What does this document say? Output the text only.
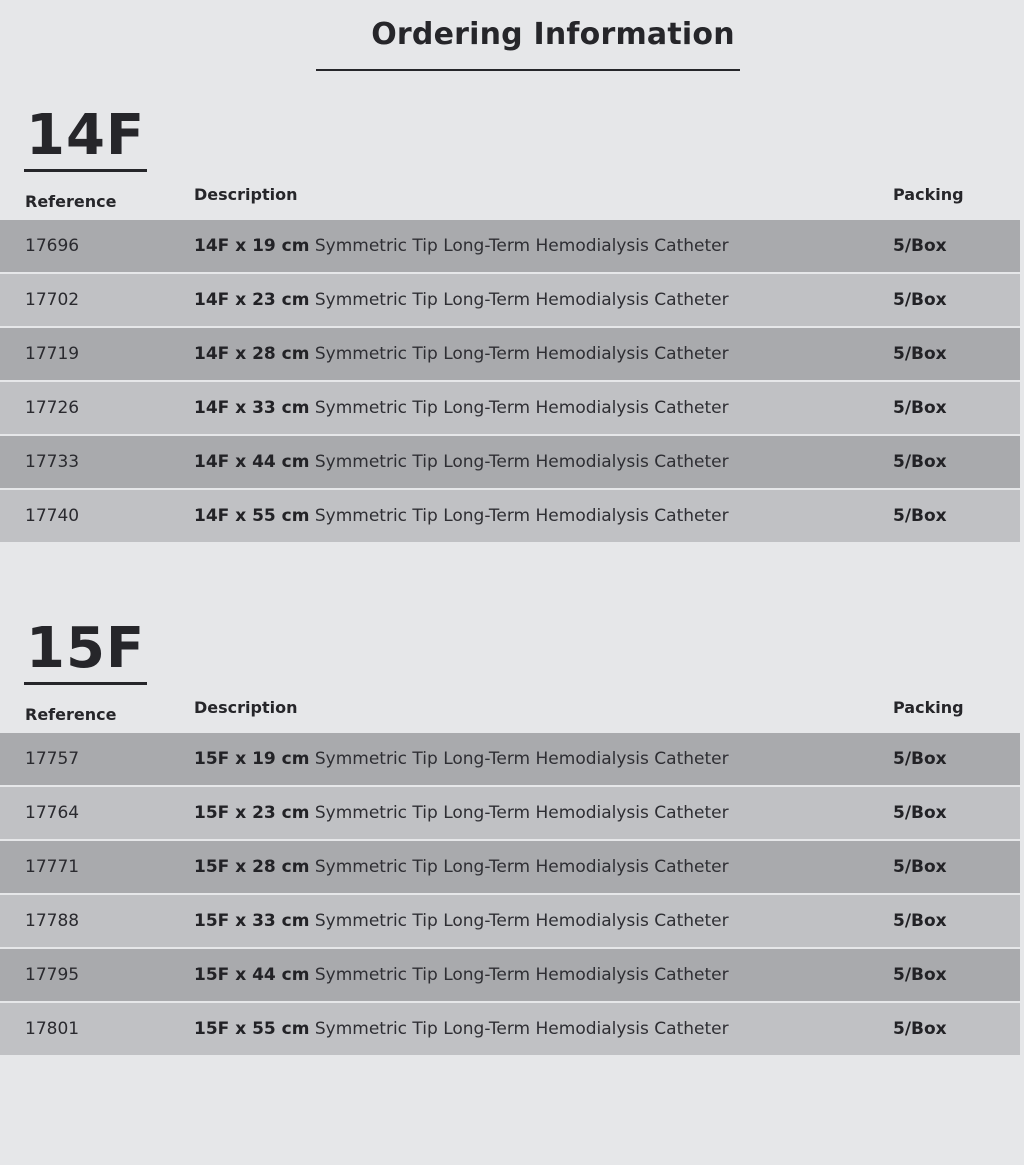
Ordering Information
14F
Reference	Description	Packing
17696	14F x 19 cm Symmetric Tip Long-Term Hemodialysis Catheter	5/Box
17702	14F x 23 cm Symmetric Tip Long-Term Hemodialysis Catheter	5/Box
17719	14F x 28 cm Symmetric Tip Long-Term Hemodialysis Catheter	5/Box
17726	14F x 33 cm Symmetric Tip Long-Term Hemodialysis Catheter	5/Box
17733	14F x 44 cm Symmetric Tip Long-Term Hemodialysis Catheter	5/Box
17740	14F x 55 cm Symmetric Tip Long-Term Hemodialysis Catheter	5/Box
15F
Reference	Description	Packing
17757	15F x 19 cm Symmetric Tip Long-Term Hemodialysis Catheter	5/Box
17764	15F x 23 cm Symmetric Tip Long-Term Hemodialysis Catheter	5/Box
17771	15F x 28 cm Symmetric Tip Long-Term Hemodialysis Catheter	5/Box
17788	15F x 33 cm Symmetric Tip Long-Term Hemodialysis Catheter	5/Box
17795	15F x 44 cm Symmetric Tip Long-Term Hemodialysis Catheter	5/Box
17801	15F x 55 cm Symmetric Tip Long-Term Hemodialysis Catheter	5/Box
